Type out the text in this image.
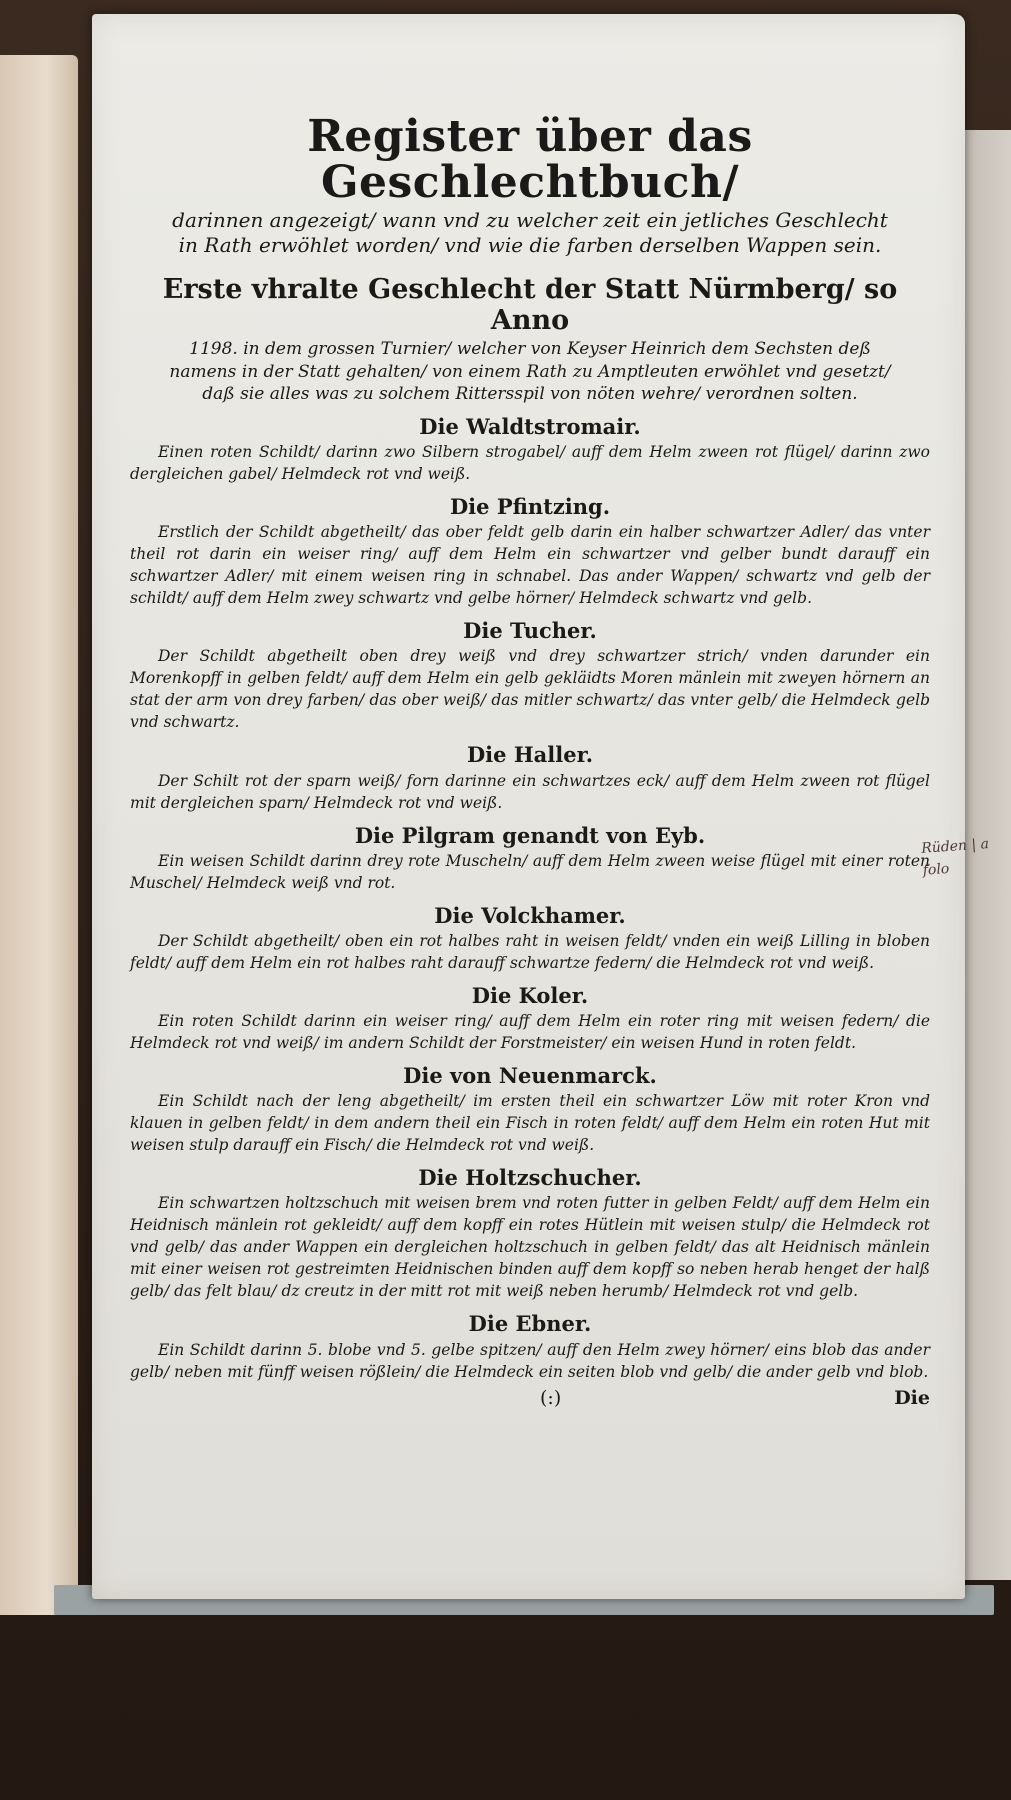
Register über das Geschlechtbuch/

darinnen angezeigt/ wann vnd zu welcher zeit ein jetliches Geschlecht in Rath erwöhlet worden/ vnd wie die farben derselben Wappen sein.

Erste vhralte Geschlecht der Statt Nürmberg/ so Anno

1198. in dem grossen Turnier/ welcher von Keyser Heinrich dem Sechsten deß namens in der Statt gehalten/ von einem Rath zu Amptleuten erwöhlet vnd gesetzt/ daß sie alles was zu solchem Rittersspil von nöten wehre/ verordnen solten.

Die Waldtstromair.

Einen roten Schildt/ darinn zwo Silbern strogabel/ auff dem Helm zween rot flügel/ darinn zwo dergleichen gabel/ Helmdeck rot vnd weiß.

Die Pfintzing.

Erstlich der Schildt abgetheilt/ das ober feldt gelb darin ein halber schwartzer Adler/ das vnter theil rot darin ein weiser ring/ auff dem Helm ein schwartzer vnd gelber bundt darauff ein schwartzer Adler/ mit einem weisen ring in schnabel. Das ander Wappen/ schwartz vnd gelb der schildt/ auff dem Helm zwey schwartz vnd gelbe hörner/ Helmdeck schwartz vnd gelb.

Die Tucher.

Der Schildt abgetheilt oben drey weiß vnd drey schwartzer strich/ vnden darunder ein Morenkopff in gelben feldt/ auff dem Helm ein gelb gekläidts Moren mänlein mit zweyen hörnern an stat der arm von drey farben/ das ober weiß/ das mitler schwartz/ das vnter gelb/ die Helmdeck gelb vnd schwartz.

Die Haller.

Der Schilt rot der sparn weiß/ forn darinne ein schwartzes eck/ auff dem Helm zween rot flügel mit dergleichen sparn/ Helmdeck rot vnd weiß.

Die Pilgram genandt von Eyb.

Ein weisen Schildt darinn drey rote Muscheln/ auff dem Helm zween weise flügel mit einer roten Muschel/ Helmdeck weiß vnd rot.

Die Volckhamer.

Der Schildt abgetheilt/ oben ein rot halbes raht in weisen feldt/ vnden ein weiß Lilling in bloben feldt/ auff dem Helm ein rot halbes raht darauff schwartze federn/ die Helmdeck rot vnd weiß.

Die Koler.

Ein roten Schildt darinn ein weiser ring/ auff dem Helm ein roter ring mit weisen federn/ die Helmdeck rot vnd weiß/ im andern Schildt der Forstmeister/ ein weisen Hund in roten feldt.

Die von Neuenmarck.

Ein Schildt nach der leng abgetheilt/ im ersten theil ein schwartzer Löw mit roter Kron vnd klauen in gelben feldt/ in dem andern theil ein Fisch in roten feldt/ auff dem Helm ein roten Hut mit weisen stulp darauff ein Fisch/ die Helmdeck rot vnd weiß.

Die Holtzschucher.

Ein schwartzen holtzschuch mit weisen brem vnd roten futter in gelben Feldt/ auff dem Helm ein Heidnisch mänlein rot gekleidt/ auff dem kopff ein rotes Hütlein mit weisen stulp/ die Helmdeck rot vnd gelb/ das ander Wappen ein dergleichen holtzschuch in gelben feldt/ das alt Heidnisch mänlein mit einer weisen rot gestreimten Heidnischen binden auff dem kopff so neben herab henget der halß gelb/ das felt blau/ dz creutz in der mitt rot mit weiß neben herumb/ Helmdeck rot vnd gelb.

Die Ebner.

Ein Schildt darinn 5. blobe vnd 5. gelbe spitzen/ auff den Helm zwey hörner/ eins blob das ander gelb/ neben mit fünff weisen rößlein/ die Helmdeck ein seiten blob vnd gelb/ die ander gelb vnd blob.

(:)	Die
Rüden | a folo
